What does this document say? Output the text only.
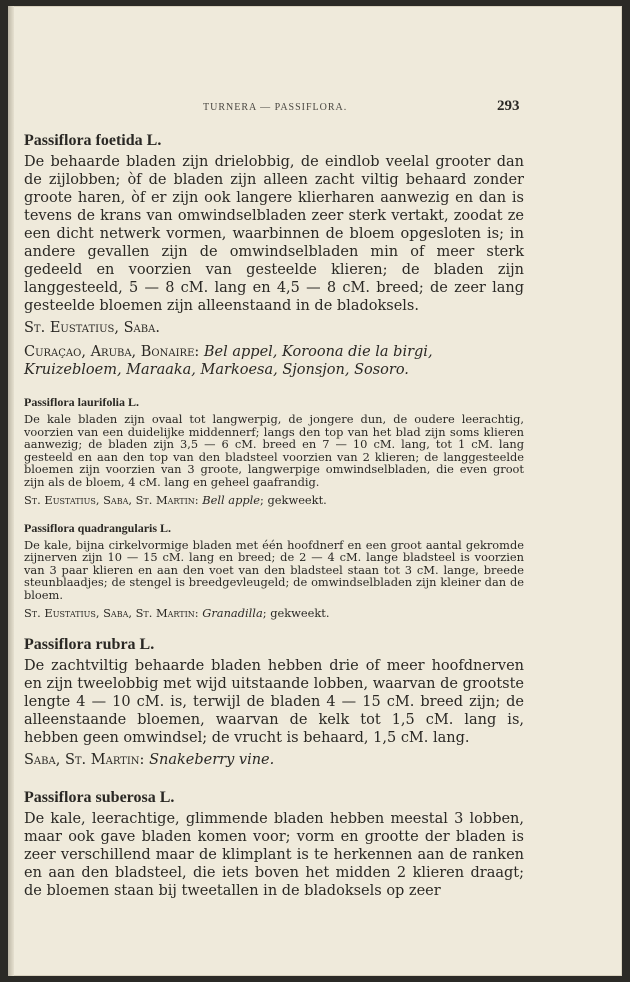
TURNERA — PASSIFLORA.	293

Passiflora foetida L.

De behaarde bladen zijn drielobbig, de eindlob veelal grooter dan de zijlobben; òf de bladen zijn alleen zacht viltig behaard zonder groote haren, òf er zijn ook langere klierharen aanwezig en dan is tevens de krans van omwindselbladen zeer sterk vertakt, zoodat ze een dicht netwerk vormen, waarbinnen de bloem opgesloten is; in andere gevallen zijn de omwindselbladen min of meer sterk gedeeld en voorzien van gesteelde klieren; de bladen zijn langgesteeld, 5 — 8 cM. lang en 4,5 — 8 cM. breed; de zeer lang gesteelde bloemen zijn alleenstaand in de bladoksels.

St. Eustatius, Saba.

Curaçao, Aruba, Bonaire: Bel appel, Koroona die la birgi, Kruizebloem, Maraaka, Markoesa, Sjonsjon, Sosoro.

Passiflora laurifolia L.

De kale bladen zijn ovaal tot langwerpig, de jongere dun, de oudere leerachtig, voorzien van een duidelijke middennerf; langs den top van het blad zijn soms klieren aanwezig; de bladen zijn 3,5 — 6 cM. breed en 7 — 10 cM. lang, tot 1 cM. lang gesteeld en aan den top van den bladsteel voorzien van 2 klieren; de langgesteelde bloemen zijn voorzien van 3 groote, langwerpige omwindselbladen, die even groot zijn als de bloem, 4 cM. lang en geheel gaafrandig.

St. Eustatius, Saba, St. Martin: Bell apple; gekweekt.

Passiflora quadrangularis L.

De kale, bijna cirkelvormige bladen met één hoofdnerf en een groot aantal gekromde zijnerven zijn 10 — 15 cM. lang en breed; de 2 — 4 cM. lange bladsteel is voorzien van 3 paar klieren en aan den voet van den bladsteel staan tot 3 cM. lange, breede steunblaadjes; de stengel is breedgevleugeld; de omwindselbladen zijn kleiner dan de bloem.

St. Eustatius, Saba, St. Martin: Granadilla; gekweekt.

Passiflora rubra L.

De zachtviltig behaarde bladen hebben drie of meer hoofdnerven en zijn tweelobbig met wijd uitstaande lobben, waarvan de grootste lengte 4 — 10 cM. is, terwijl de bladen 4 — 15 cM. breed zijn; de alleenstaande bloemen, waarvan de kelk tot 1,5 cM. lang is, hebben geen omwindsel; de vrucht is behaard, 1,5 cM. lang.

Saba, St. Martin: Snakeberry vine.

Passiflora suberosa L.

De kale, leerachtige, glimmende bladen hebben meestal 3 lobben, maar ook gave bladen komen voor; vorm en grootte der bladen is zeer verschillend maar de klimplant is te herkennen aan de ranken en aan den bladsteel, die iets boven het midden 2 klieren draagt; de bloemen staan bij tweetallen in de bladoksels op zeer
